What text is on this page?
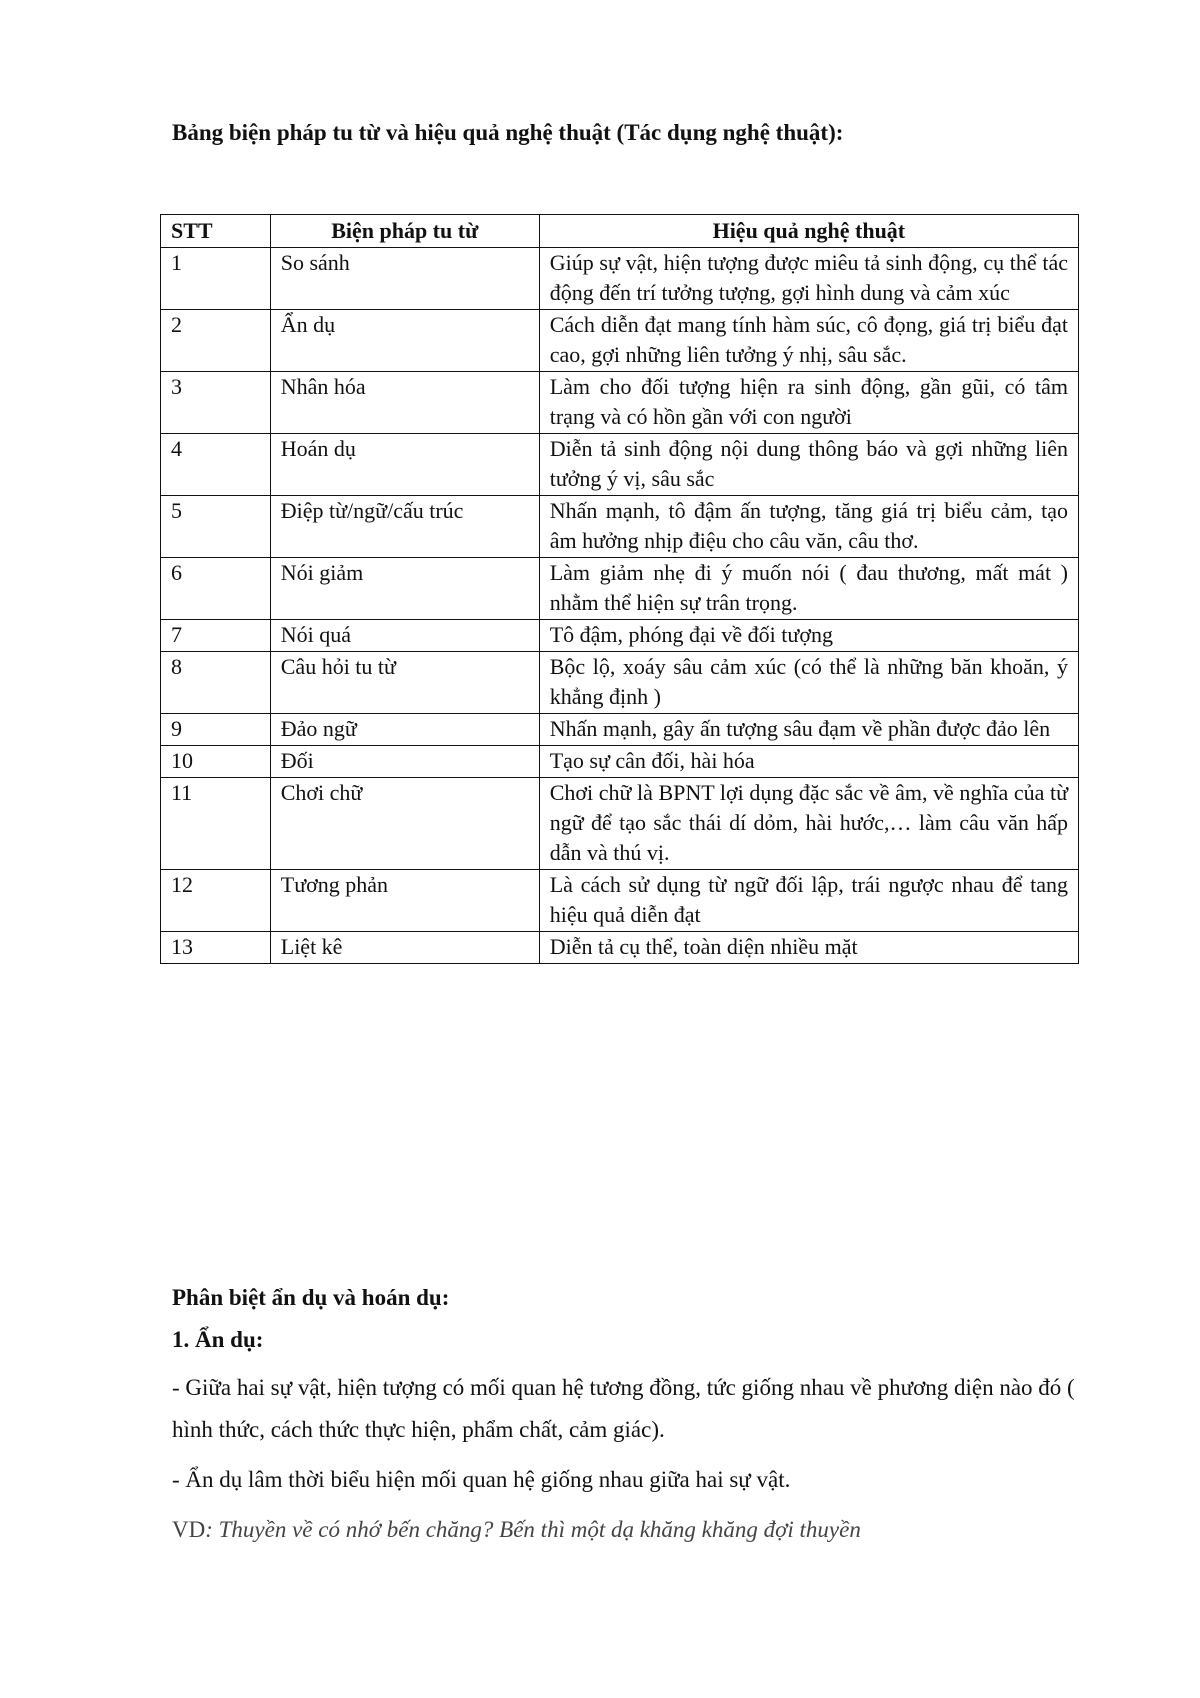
Bảng biện pháp tu từ và hiệu quả nghệ thuật (Tác dụng nghệ thuật):
STT	Biện pháp tu từ	Hiệu quả nghệ thuật
1	So sánh	Giúp sự vật, hiện tượng được miêu tả sinh động, cụ thể tác động đến trí tưởng tượng, gợi hình dung và cảm xúc
2	Ẩn dụ	Cách diễn đạt mang tính hàm súc, cô đọng, giá trị biểu đạt cao, gợi những liên tưởng ý nhị, sâu sắc.
3	Nhân hóa	Làm cho đối tượng hiện ra sinh động, gần gũi, có tâm trạng và có hồn gần với con người
4	Hoán dụ	Diễn tả sinh động nội dung thông báo và gợi những liên tưởng ý vị, sâu sắc
5	Điệp từ/ngữ/cấu trúc	Nhấn mạnh, tô đậm ấn tượng, tăng giá trị biểu cảm, tạo âm hưởng nhịp điệu cho câu văn, câu thơ.
6	Nói giảm	Làm giảm nhẹ đi ý muốn nói ( đau thương, mất mát ) nhằm thể hiện sự trân trọng.
7	Nói quá	Tô đậm, phóng đại về đối tượng
8	Câu hỏi tu từ	Bộc lộ, xoáy sâu cảm xúc (có thể là những băn khoăn, ý khẳng định )
9	Đảo ngữ	Nhấn mạnh, gây ấn tượng sâu đạm về phần được đảo lên
10	Đối	Tạo sự cân đối, hài hóa
11	Chơi chữ	Chơi chữ là BPNT lợi dụng đặc sắc về âm, về nghĩa của từ ngữ để tạo sắc thái dí dỏm, hài hước,… làm câu văn hấp dẫn và thú vị.
12	Tương phản	Là cách sử dụng từ ngữ đối lập, trái ngược nhau để tang hiệu quả diễn đạt
13	Liệt kê	Diễn tả cụ thể, toàn diện nhiều mặt
Phân biệt ẩn dụ và hoán dụ:
1. Ẩn dụ:

- Giữa hai sự vật, hiện tượng có mối quan hệ tương đồng, tức giống nhau về phương diện nào đó ( hình thức, cách thức thực hiện, phẩm chất, cảm giác).

- Ẩn dụ lâm thời biểu hiện mối quan hệ giống nhau giữa hai sự vật.

VD: Thuyền về có nhớ bến chăng? Bến thì một dạ khăng khăng đợi thuyền
